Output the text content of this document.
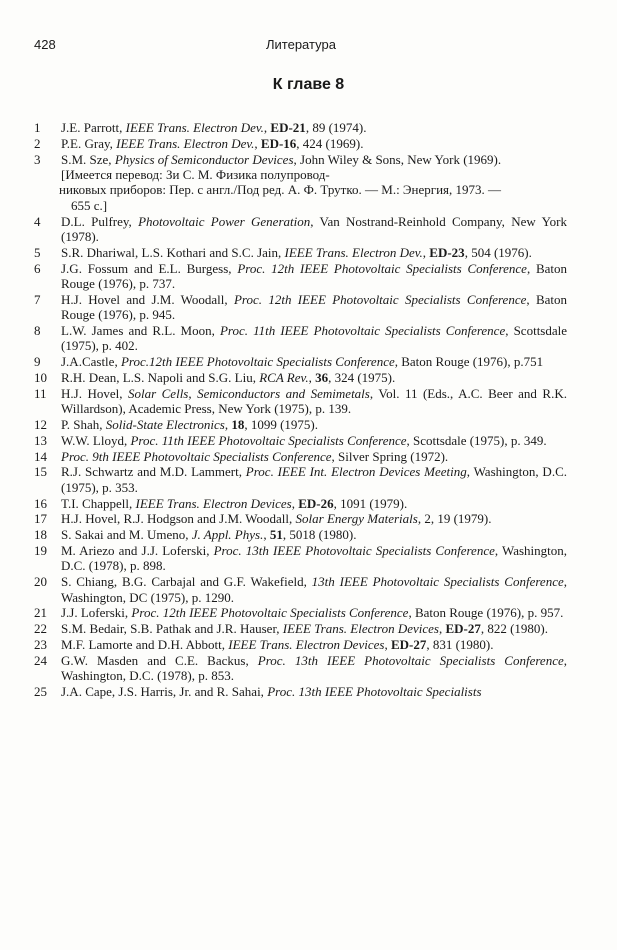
428	Литература
К главе 8
1	J.E. Parrott, IEEE Trans. Electron Dev., ED-21, 89 (1974).
2	P.E. Gray, IEEE Trans. Electron Dev., ED-16, 424 (1969).
3	S.M. Sze, Physics of Semiconductor Devices, John Wiley & Sons, New York (1969).
[Имеется перевод: Зи С. М. Физика полупровод-
никовых приборов: Пер. с англ./Под ред. А. Ф. Трутко. — М.: Энергия, 1973. —
655 с.]
4	D.L. Pulfrey, Photovoltaic Power Generation, Van Nostrand-Reinhold Company, New York (1978).
5	S.R. Dhariwal, L.S. Kothari and S.C. Jain, IEEE Trans. Electron Dev., ED-23, 504 (1976).
6	J.G. Fossum and E.L. Burgess, Proc. 12th IEEE Photovoltaic Specialists Conference, Baton Rouge (1976), p. 737.
7	H.J. Hovel and J.M. Woodall, Proc. 12th IEEE Photovoltaic Specialists Conference, Baton Rouge (1976), p. 945.
8	L.W. James and R.L. Moon, Proc. 11th IEEE Photovoltaic Specialists Conference, Scottsdale (1975), p. 402.
9	J.A.Castle, Proc.12th IEEE Photovoltaic Specialists Conference, Baton Rouge (1976), p.751
10	R.H. Dean, L.S. Napoli and S.G. Liu, RCA Rev., 36, 324 (1975).
11	H.J. Hovel, Solar Cells, Semiconductors and Semimetals, Vol. 11 (Eds., A.C. Beer and R.K. Willardson), Academic Press, New York (1975), p. 139.
12	P. Shah, Solid-State Electronics, 18, 1099 (1975).
13	W.W. Lloyd, Proc. 11th IEEE Photovoltaic Specialists Conference, Scottsdale (1975), p. 349.
14	Proc. 9th IEEE Photovoltaic Specialists Conference, Silver Spring (1972).
15	R.J. Schwartz and M.D. Lammert, Proc. IEEE Int. Electron Devices Meeting, Washington, D.C. (1975), p. 353.
16	T.I. Chappell, IEEE Trans. Electron Devices, ED-26, 1091 (1979).
17	H.J. Hovel, R.J. Hodgson and J.M. Woodall, Solar Energy Materials, 2, 19 (1979).
18	S. Sakai and M. Umeno, J. Appl. Phys., 51, 5018 (1980).
19	M. Ariezo and J.J. Loferski, Proc. 13th IEEE Photovoltaic Specialists Conference, Washington, D.C. (1978), p. 898.
20	S. Chiang, B.G. Carbajal and G.F. Wakefield, 13th IEEE Photovoltaic Specialists Conference, Washington, DC (1975), p. 1290.
21	J.J. Loferski, Proc. 12th IEEE Photovoltaic Specialists Conference, Baton Rouge (1976), p. 957.
22	S.M. Bedair, S.B. Pathak and J.R. Hauser, IEEE Trans. Electron Devices, ED-27, 822 (1980).
23	M.F. Lamorte and D.H. Abbott, IEEE Trans. Electron Devices, ED-27, 831 (1980).
24	G.W. Masden and C.E. Backus, Proc. 13th IEEE Photovoltaic Specialists Conference, Washington, D.C. (1978), p. 853.
25	J.A. Cape, J.S. Harris, Jr. and R. Sahai, Proc. 13th IEEE Photovoltaic Specialists
